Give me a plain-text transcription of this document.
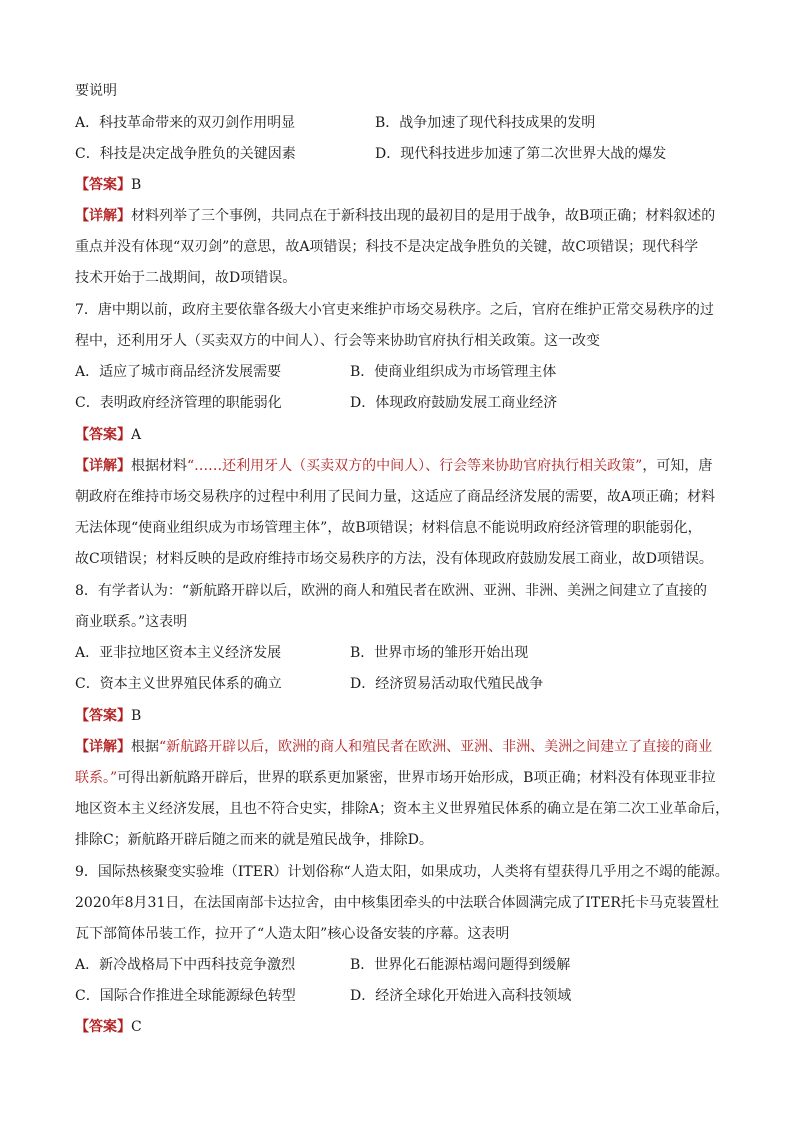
要说明
A．科技革命带来的双刃剑作用明显	B．战争加速了现代科技成果的发明
C．科技是决定战争胜负的关键因素	D．现代科技进步加速了第二次世界大战的爆发
【答案】B
【详解】材料列举了三个事例，共同点在于新科技出现的最初目的是用于战争，故B项正确；材料叙述的
重点并没有体现“双刃剑”的意思，故A项错误；科技不是决定战争胜负的关键，故C项错误；现代科学
技术开始于二战期间，故D项错误。
7．唐中期以前，政府主要依靠各级大小官吏来维护市场交易秩序。之后，官府在维护正常交易秩序的过
程中，还利用牙人（买卖双方的中间人）、行会等来协助官府执行相关政策。这一改变
A．适应了城市商品经济发展需要	B．使商业组织成为市场管理主体
C．表明政府经济管理的职能弱化	D．体现政府鼓励发展工商业经济
【答案】A
【详解】根据材料“……还利用牙人（买卖双方的中间人）、行会等来协助官府执行相关政策”，可知，唐
朝政府在维持市场交易秩序的过程中利用了民间力量，这适应了商品经济发展的需要，故A项正确；材料
无法体现“使商业组织成为市场管理主体”，故B项错误；材料信息不能说明政府经济管理的职能弱化，
故C项错误；材料反映的是政府维持市场交易秩序的方法，没有体现政府鼓励发展工商业，故D项错误。
8．有学者认为：“新航路开辟以后，欧洲的商人和殖民者在欧洲、亚洲、非洲、美洲之间建立了直接的
商业联系。”这表明
A．亚非拉地区资本主义经济发展	B．世界市场的雏形开始出现
C．资本主义世界殖民体系的确立	D．经济贸易活动取代殖民战争
【答案】B
【详解】根据“新航路开辟以后，欧洲的商人和殖民者在欧洲、亚洲、非洲、美洲之间建立了直接的商业
联系。”可得出新航路开辟后，世界的联系更加紧密，世界市场开始形成，B项正确；材料没有体现亚非拉
地区资本主义经济发展，且也不符合史实，排除A；资本主义世界殖民体系的确立是在第二次工业革命后，
排除C；新航路开辟后随之而来的就是殖民战争，排除D。
9．国际热核聚变实验堆（ITER）计划俗称“人造太阳，如果成功，人类将有望获得几乎用之不竭的能源。
2020年8月31日，在法国南部卡达拉舍，由中核集团牵头的中法联合体圆满完成了ITER托卡马克装置杜
瓦下部简体吊装工作，拉开了“人造太阳”核心设备安装的序幕。这表明
A．新冷战格局下中西科技竞争激烈	B．世界化石能源枯竭问题得到缓解
C．国际合作推进全球能源绿色转型	D．经济全球化开始进入高科技领域
【答案】C
